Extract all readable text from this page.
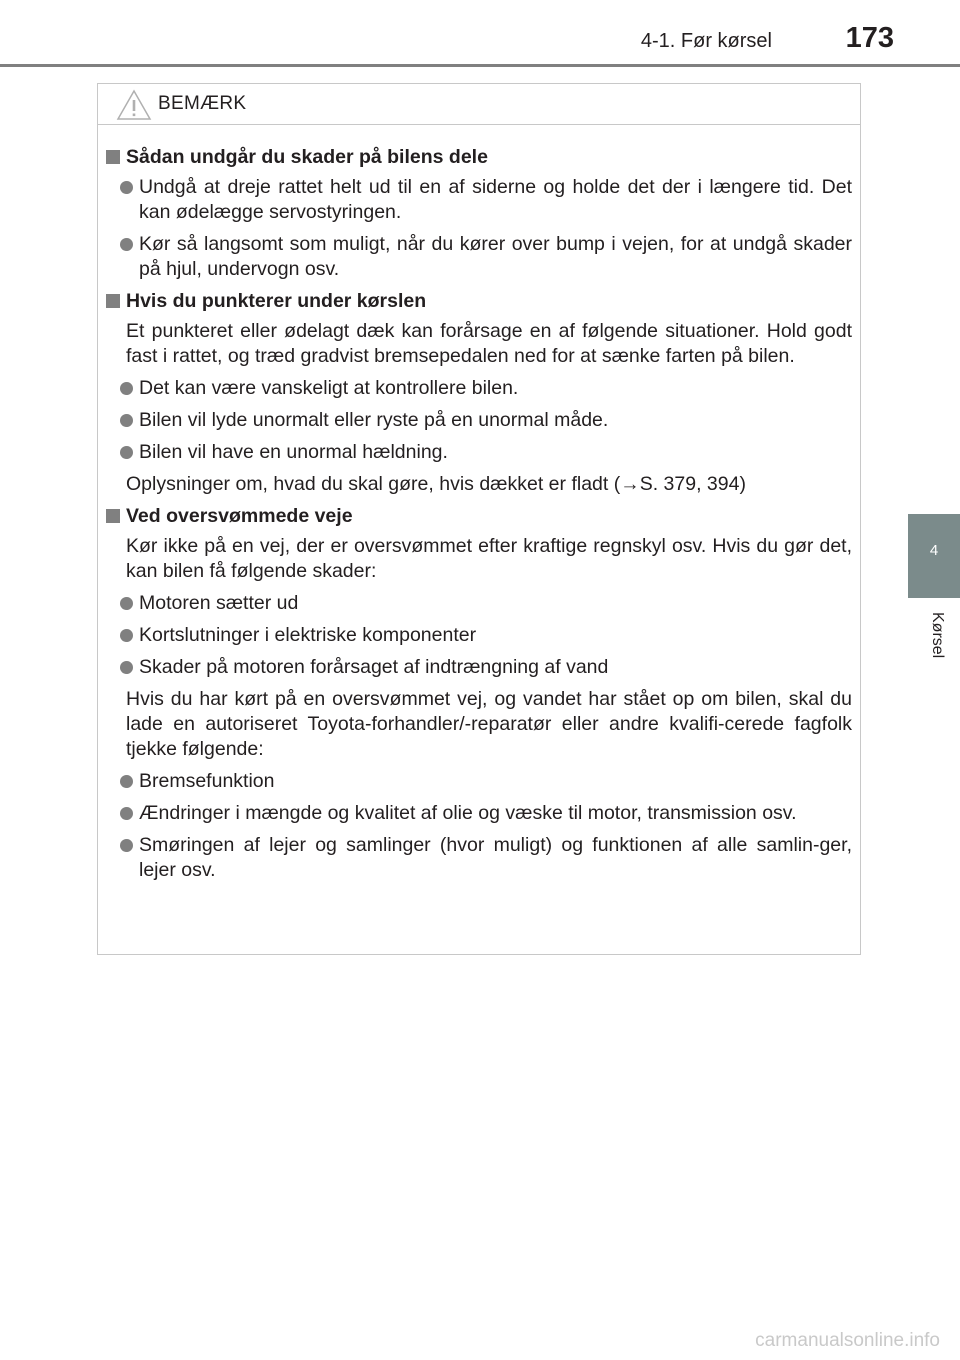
4-1. Før kørsel	173
4
Kørsel
BEMÆRK
Sådan undgår du skader på bilens dele
Undgå at dreje rattet helt ud til en af siderne og holde det der i længere tid. Det kan ødelægge servostyringen.
Kør så langsomt som muligt, når du kører over bump i vejen, for at undgå skader på hjul, undervogn osv.
Hvis du punkterer under kørslen
Et punkteret eller ødelagt dæk kan forårsage en af følgende situationer. Hold godt fast i rattet, og træd gradvist bremsepedalen ned for at sænke farten på bilen.
Det kan være vanskeligt at kontrollere bilen.
Bilen vil lyde unormalt eller ryste på en unormal måde.
Bilen vil have en unormal hældning.
Oplysninger om, hvad du skal gøre, hvis dækket er fladt (→S. 379, 394)
Ved oversvømmede veje
Kør ikke på en vej, der er oversvømmet efter kraftige regnskyl osv. Hvis du gør det, kan bilen få følgende skader:
Motoren sætter ud
Kortslutninger i elektriske komponenter
Skader på motoren forårsaget af indtrængning af vand
Hvis du har kørt på en oversvømmet vej, og vandet har stået op om bilen, skal du lade en autoriseret Toyota-forhandler/-reparatør eller andre kvalifi-cerede fagfolk tjekke følgende:
Bremsefunktion
Ændringer i mængde og kvalitet af olie og væske til motor, transmission osv.
Smøringen af lejer og samlinger (hvor muligt) og funktionen af alle samlin-ger, lejer osv.
carmanualsonline.info
